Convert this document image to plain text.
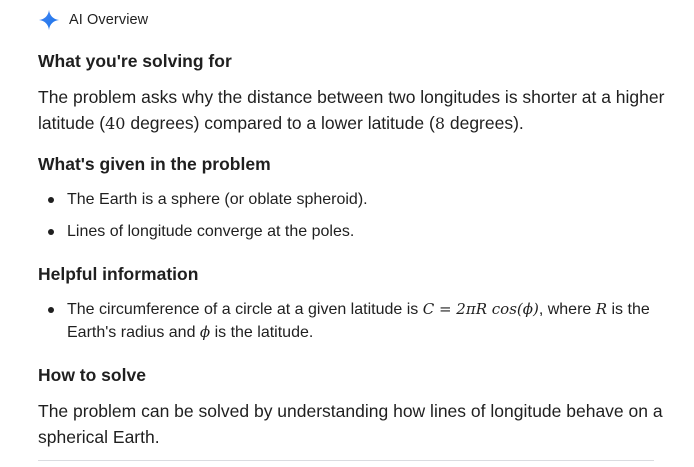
AI Overview
What you're solving for

The problem asks why the distance between two longitudes is shorter at a higher latitude (40 degrees) compared to a lower latitude (8 degrees).

What's given in the problem
The Earth is a sphere (or oblate spheroid).
Lines of longitude converge at the poles.
Helpful information
The circumference of a circle at a given latitude is C = 2πR cos(ϕ), where R is the Earth's radius and ϕ is the latitude.
How to solve

The problem can be solved by understanding how lines of longitude behave on a spherical Earth.
